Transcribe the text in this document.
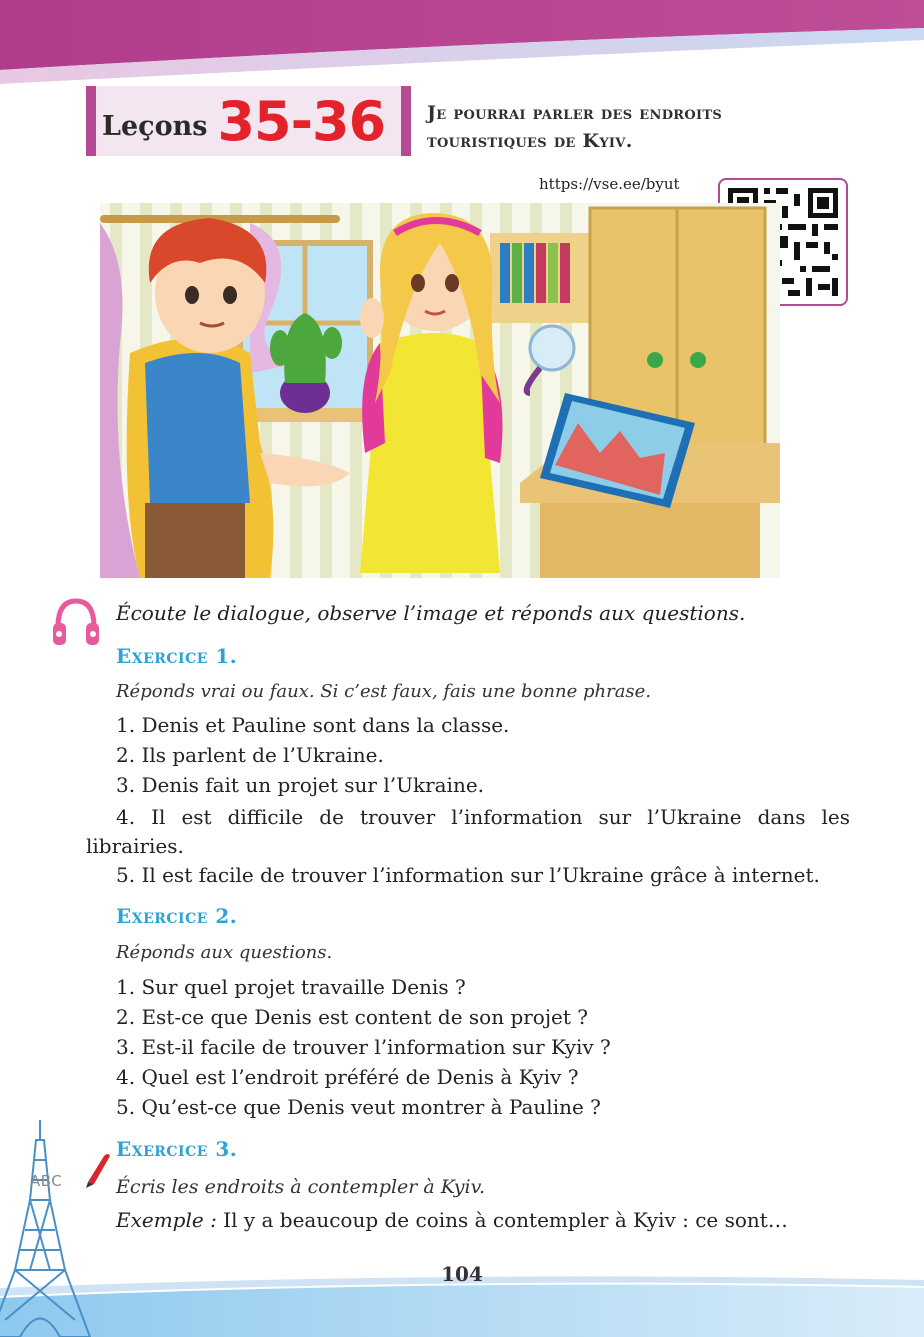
Leçons 35-36 Je pourrai parler des endroits
touristiques de Kyiv.
https://vse.ee/byut
Écoute le dialogue, observe l’image et réponds aux questions.
Exercice 1.
Réponds vrai ou faux. Si c’est faux, fais une bonne phrase.
1. Denis et Pauline sont dans la classe.
2. Ils parlent de l’Ukraine.
3. Denis fait un projet sur l’Ukraine.
4. Il est difficile de trouver l’information sur l’Ukraine dans les librairies.
5. Il est facile de trouver l’information sur l’Ukraine grâce à internet.
Exercice 2.
Réponds aux questions.
1. Sur quel projet travaille Denis ?
2. Est-ce que Denis est content de son projet ?
3. Est-il facile de trouver l’information sur Kyiv ?
4. Quel est l’endroit préféré de Denis à Kyiv ?
5. Qu’est-ce que Denis veut montrer à Pauline ?
Exercice 3.
Écris les endroits à contempler à Kyiv.
Exemple : Il y a beaucoup de coins à contempler à Kyiv : ce sont…
ABC
104
